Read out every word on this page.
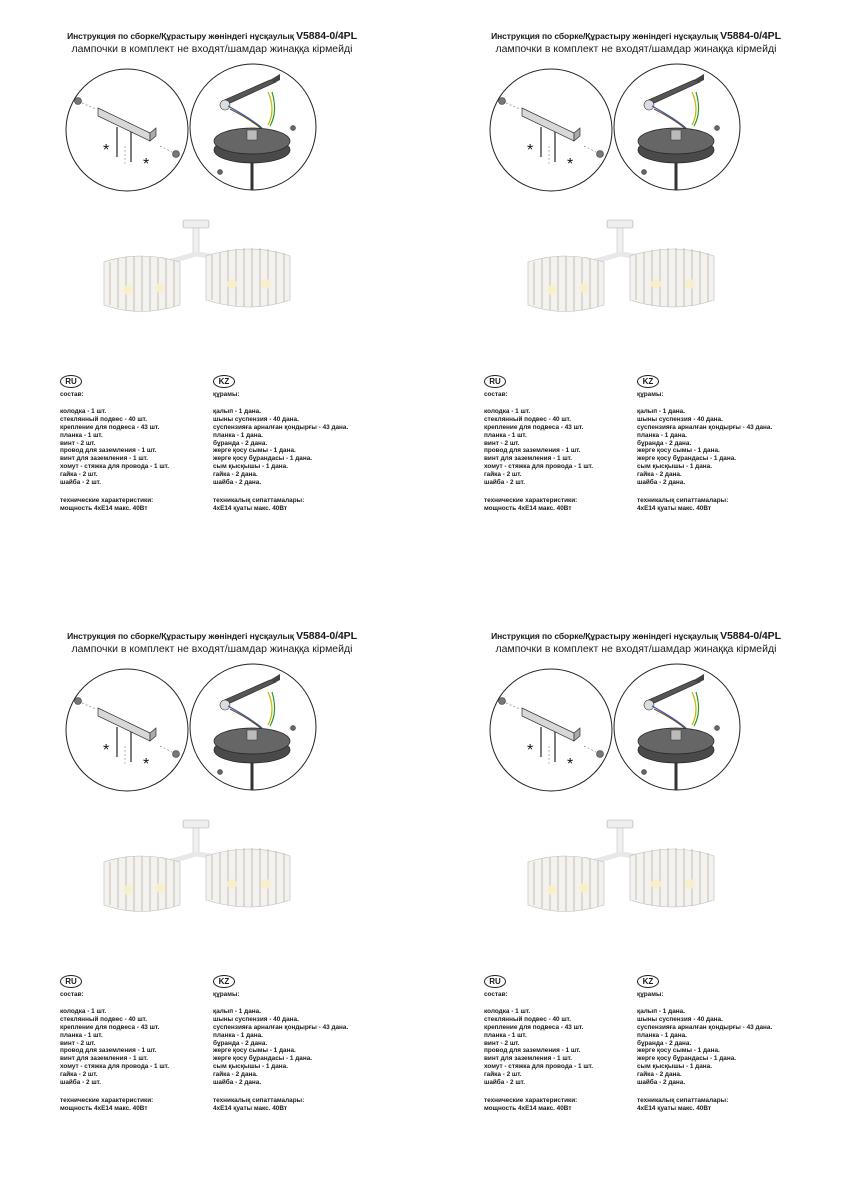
Инструкция по сборке/Құрастыру жөніндегі нұсқаулық V5884-0/4PL
лампочки в комплект не входят/шамдар жинаққа кірмейді
*
*
RU
состав:
колодка - 1 шт.
стеклянный подвес - 40 шт.
крепление для подвеса - 43 шт.
планка - 1 шт.
винт - 2 шт.
провод для заземления - 1 шт.
винт для заземления - 1 шт.
хомут - стяжка для провода - 1 шт.
гайка - 2 шт.
шайба - 2 шт.
технические характеристики:
мощность 4xE14 макс. 40Вт
KZ
құрамы:
қалып - 1 дана.
шыны суспензия - 40 дана.
суспензияға арналған қондырғы - 43 дана.
планка - 1 дана.
бұранда - 2 дана.
жерге қосу сымы - 1 дана.
жерге қосу бұрандасы - 1 дана.
сым қысқышы - 1 дана.
гайка - 2 дана.
шайба - 2 дана.
техникалық сипаттамалары:
4xE14 қуаты макс. 40Вт
Инструкция по сборке/Құрастыру жөніндегі нұсқаулық V5884-0/4PL
лампочки в комплект не входят/шамдар жинаққа кірмейді
*
*
RU
состав:
колодка - 1 шт.
стеклянный подвес - 40 шт.
крепление для подвеса - 43 шт.
планка - 1 шт.
винт - 2 шт.
провод для заземления - 1 шт.
винт для заземления - 1 шт.
хомут - стяжка для провода - 1 шт.
гайка - 2 шт.
шайба - 2 шт.
технические характеристики:
мощность 4xE14 макс. 40Вт
KZ
құрамы:
қалып - 1 дана.
шыны суспензия - 40 дана.
суспензияға арналған қондырғы - 43 дана.
планка - 1 дана.
бұранда - 2 дана.
жерге қосу сымы - 1 дана.
жерге қосу бұрандасы - 1 дана.
сым қысқышы - 1 дана.
гайка - 2 дана.
шайба - 2 дана.
техникалық сипаттамалары:
4xE14 қуаты макс. 40Вт
Инструкция по сборке/Құрастыру жөніндегі нұсқаулық V5884-0/4PL
лампочки в комплект не входят/шамдар жинаққа кірмейді
*
*
RU
состав:
колодка - 1 шт.
стеклянный подвес - 40 шт.
крепление для подвеса - 43 шт.
планка - 1 шт.
винт - 2 шт.
провод для заземления - 1 шт.
винт для заземления - 1 шт.
хомут - стяжка для провода - 1 шт.
гайка - 2 шт.
шайба - 2 шт.
технические характеристики:
мощность 4xE14 макс. 40Вт
KZ
құрамы:
қалып - 1 дана.
шыны суспензия - 40 дана.
суспензияға арналған қондырғы - 43 дана.
планка - 1 дана.
бұранда - 2 дана.
жерге қосу сымы - 1 дана.
жерге қосу бұрандасы - 1 дана.
сым қысқышы - 1 дана.
гайка - 2 дана.
шайба - 2 дана.
техникалық сипаттамалары:
4xE14 қуаты макс. 40Вт
Инструкция по сборке/Құрастыру жөніндегі нұсқаулық V5884-0/4PL
лампочки в комплект не входят/шамдар жинаққа кірмейді
*
*
RU
состав:
колодка - 1 шт.
стеклянный подвес - 40 шт.
крепление для подвеса - 43 шт.
планка - 1 шт.
винт - 2 шт.
провод для заземления - 1 шт.
винт для заземления - 1 шт.
хомут - стяжка для провода - 1 шт.
гайка - 2 шт.
шайба - 2 шт.
технические характеристики:
мощность 4xE14 макс. 40Вт
KZ
құрамы:
қалып - 1 дана.
шыны суспензия - 40 дана.
суспензияға арналған қондырғы - 43 дана.
планка - 1 дана.
бұранда - 2 дана.
жерге қосу сымы - 1 дана.
жерге қосу бұрандасы - 1 дана.
сым қысқышы - 1 дана.
гайка - 2 дана.
шайба - 2 дана.
техникалық сипаттамалары:
4xE14 қуаты макс. 40Вт
